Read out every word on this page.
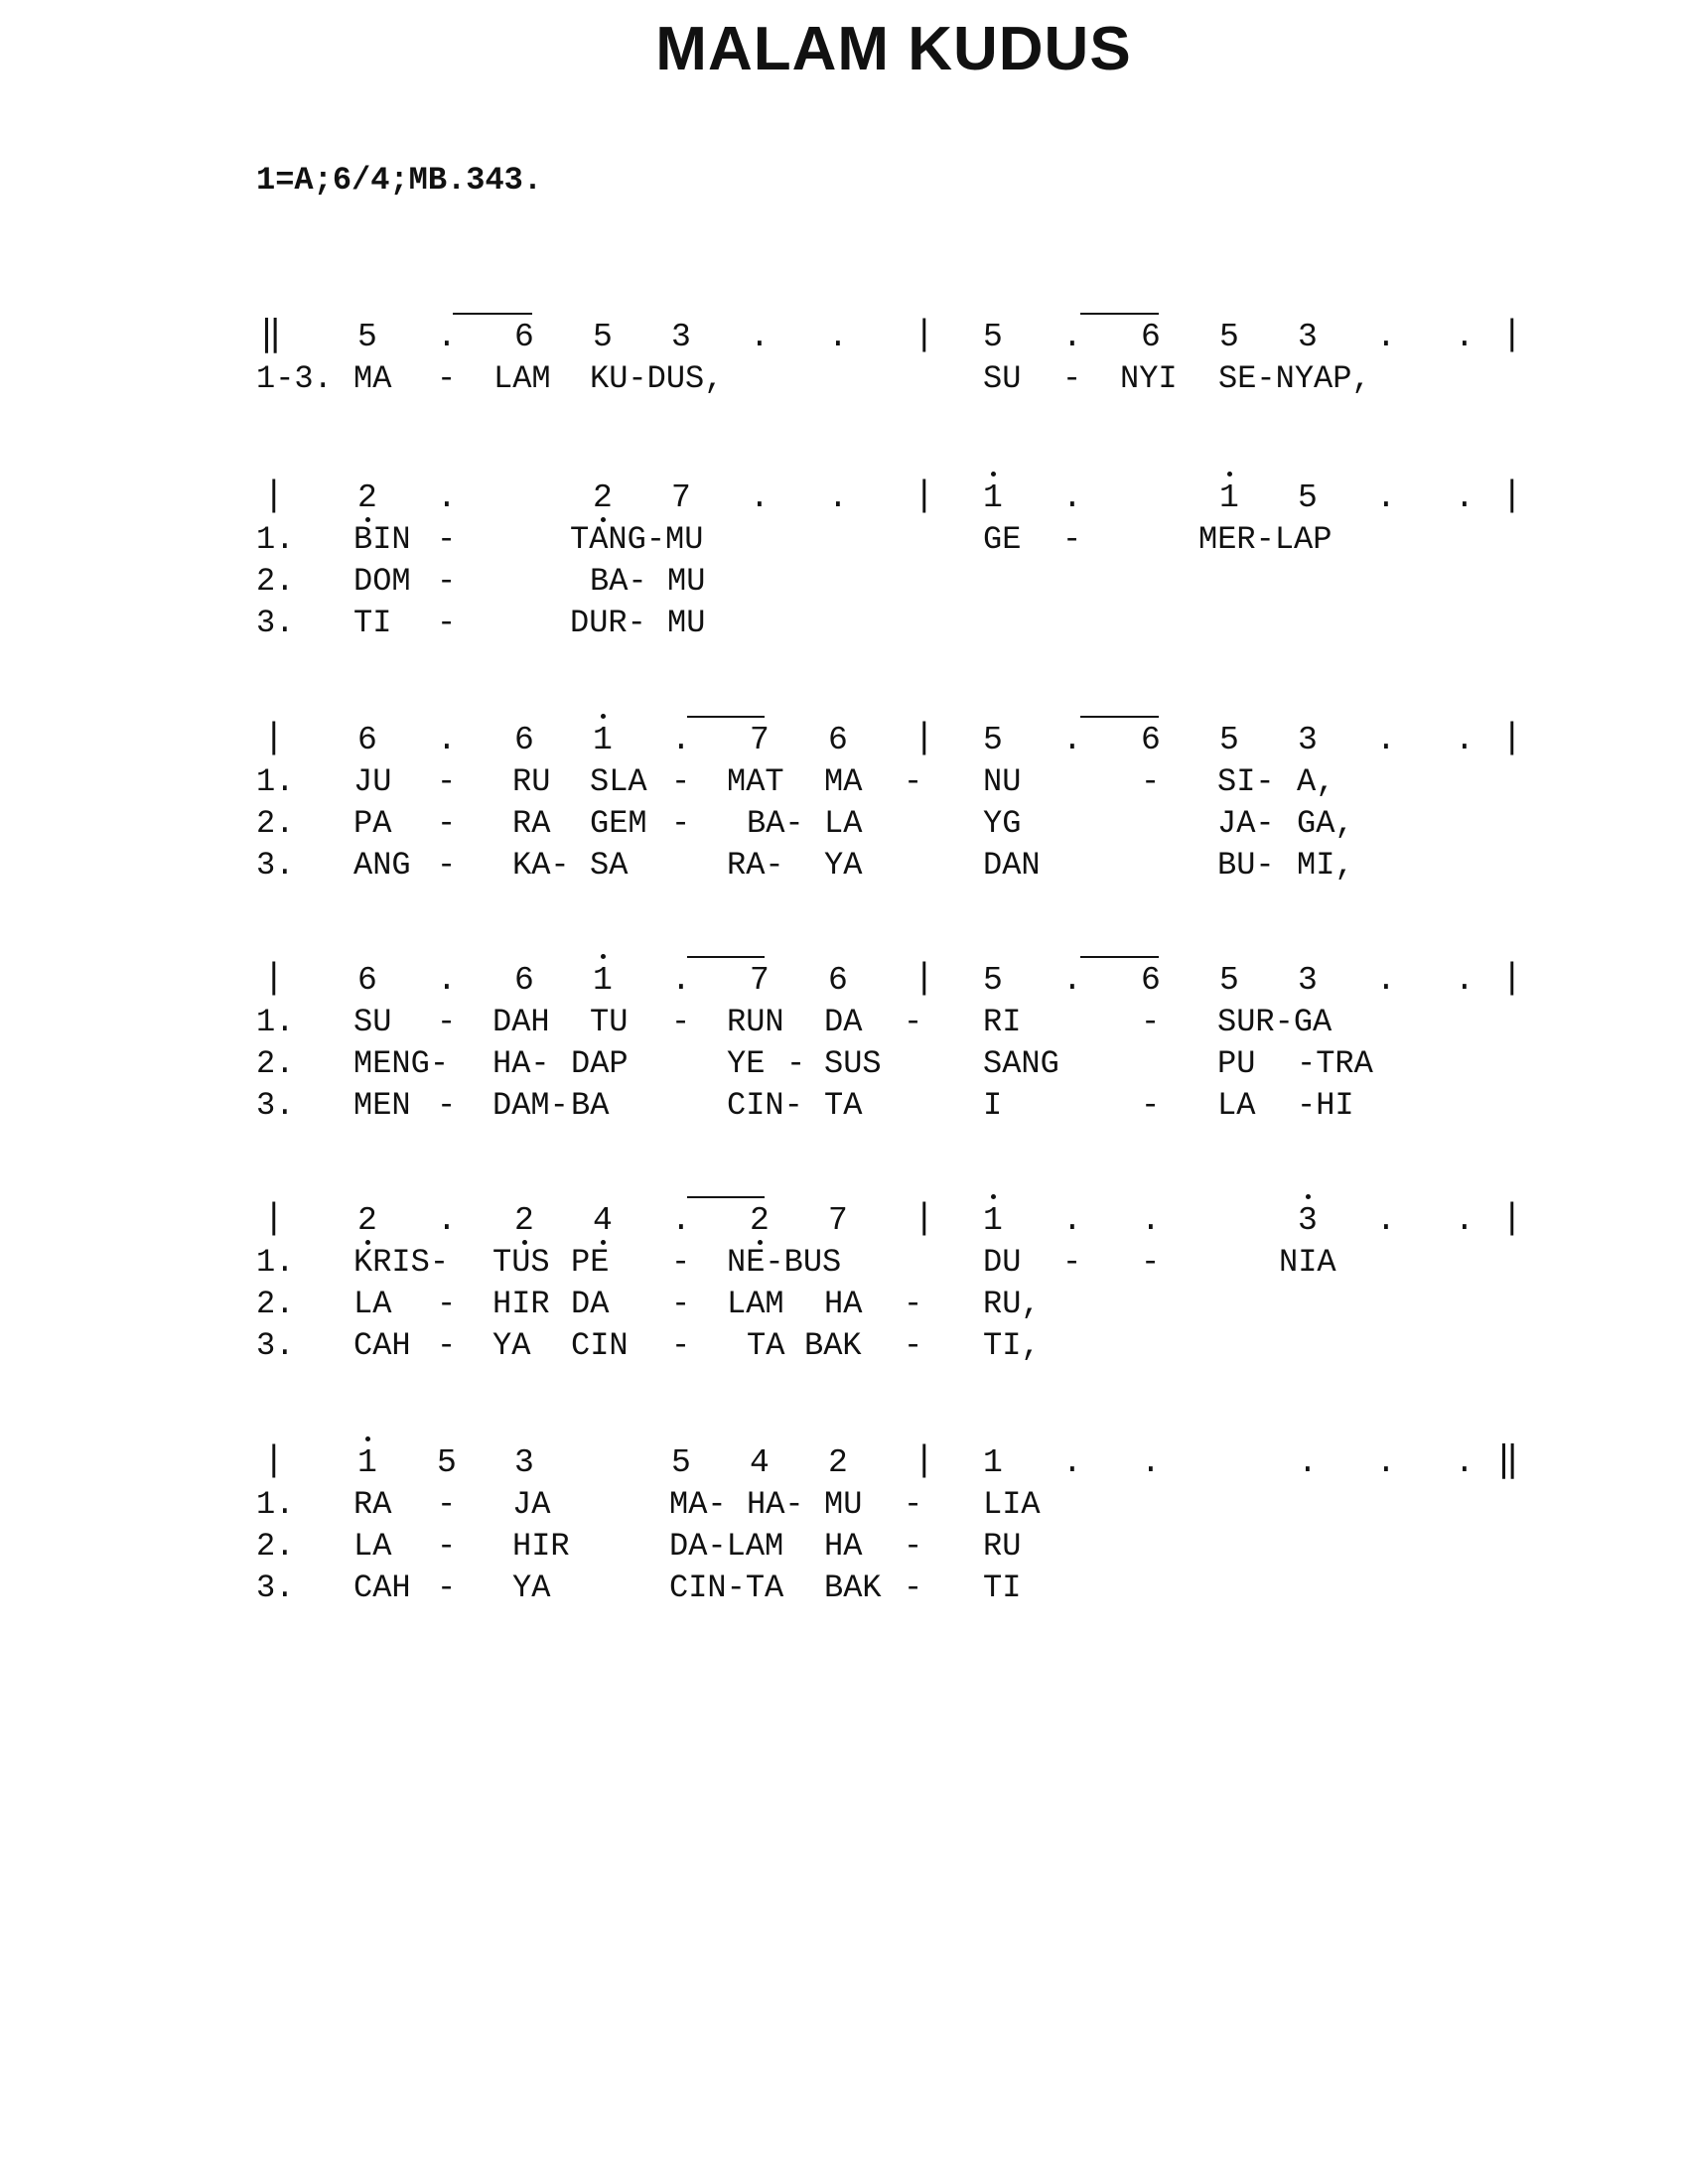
MALAM KUDUS
1=A;6/4;MB.343.
‖ 5 . 6 5 3 . . | 5 . 6 5 3 . . |
1-3. MA - LAM KU-DUS,	SU - NYI SE-NYAP,
| 2 .	2 7 . . | 1 .	1 5 . . |
1. BIN -	TANG-MU	GE -	MER-LAP
2. DOM -	BA- MU
3. TI -	DUR- MU
| 6 . 6 1 . 7 6 | 5 . 6 5 3 . . |
1. JU - RU SLA - MAT MA - NU	- SI- A,
2. PA - RA GEM - BA- LA	YG	JA- GA,
3. ANG - KA- SA	RA- YA	DAN	BU- MI,
| 6 . 6 1 . 7 6 | 5 . 6 5 3 . . |
1. SU - DAH TU - RUN DA - RI	- SUR-GA
2. MENG- HA- DAP	YE - SUS	SANG	PU -TRA
3. MEN - DAM- BA	CIN- TA	I	- LA -HI
| 2 . 2 4 . 2 7 | 1 . .	3 . . |
1. KRIS- TUS PE - NE-BUS	DU - -	NIA
2. LA - HIR DA - LAM HA - RU,
3. CAH - YA CIN - TA BAK - TI,
| 1 5 3	5 4 2 | 1 . .	. . . ‖
1. RA - JA	MA- HA- MU - LIA
2. LA - HIR	DA-LAM HA - RU
3. CAH - YA	CIN-TA BAK - TI
